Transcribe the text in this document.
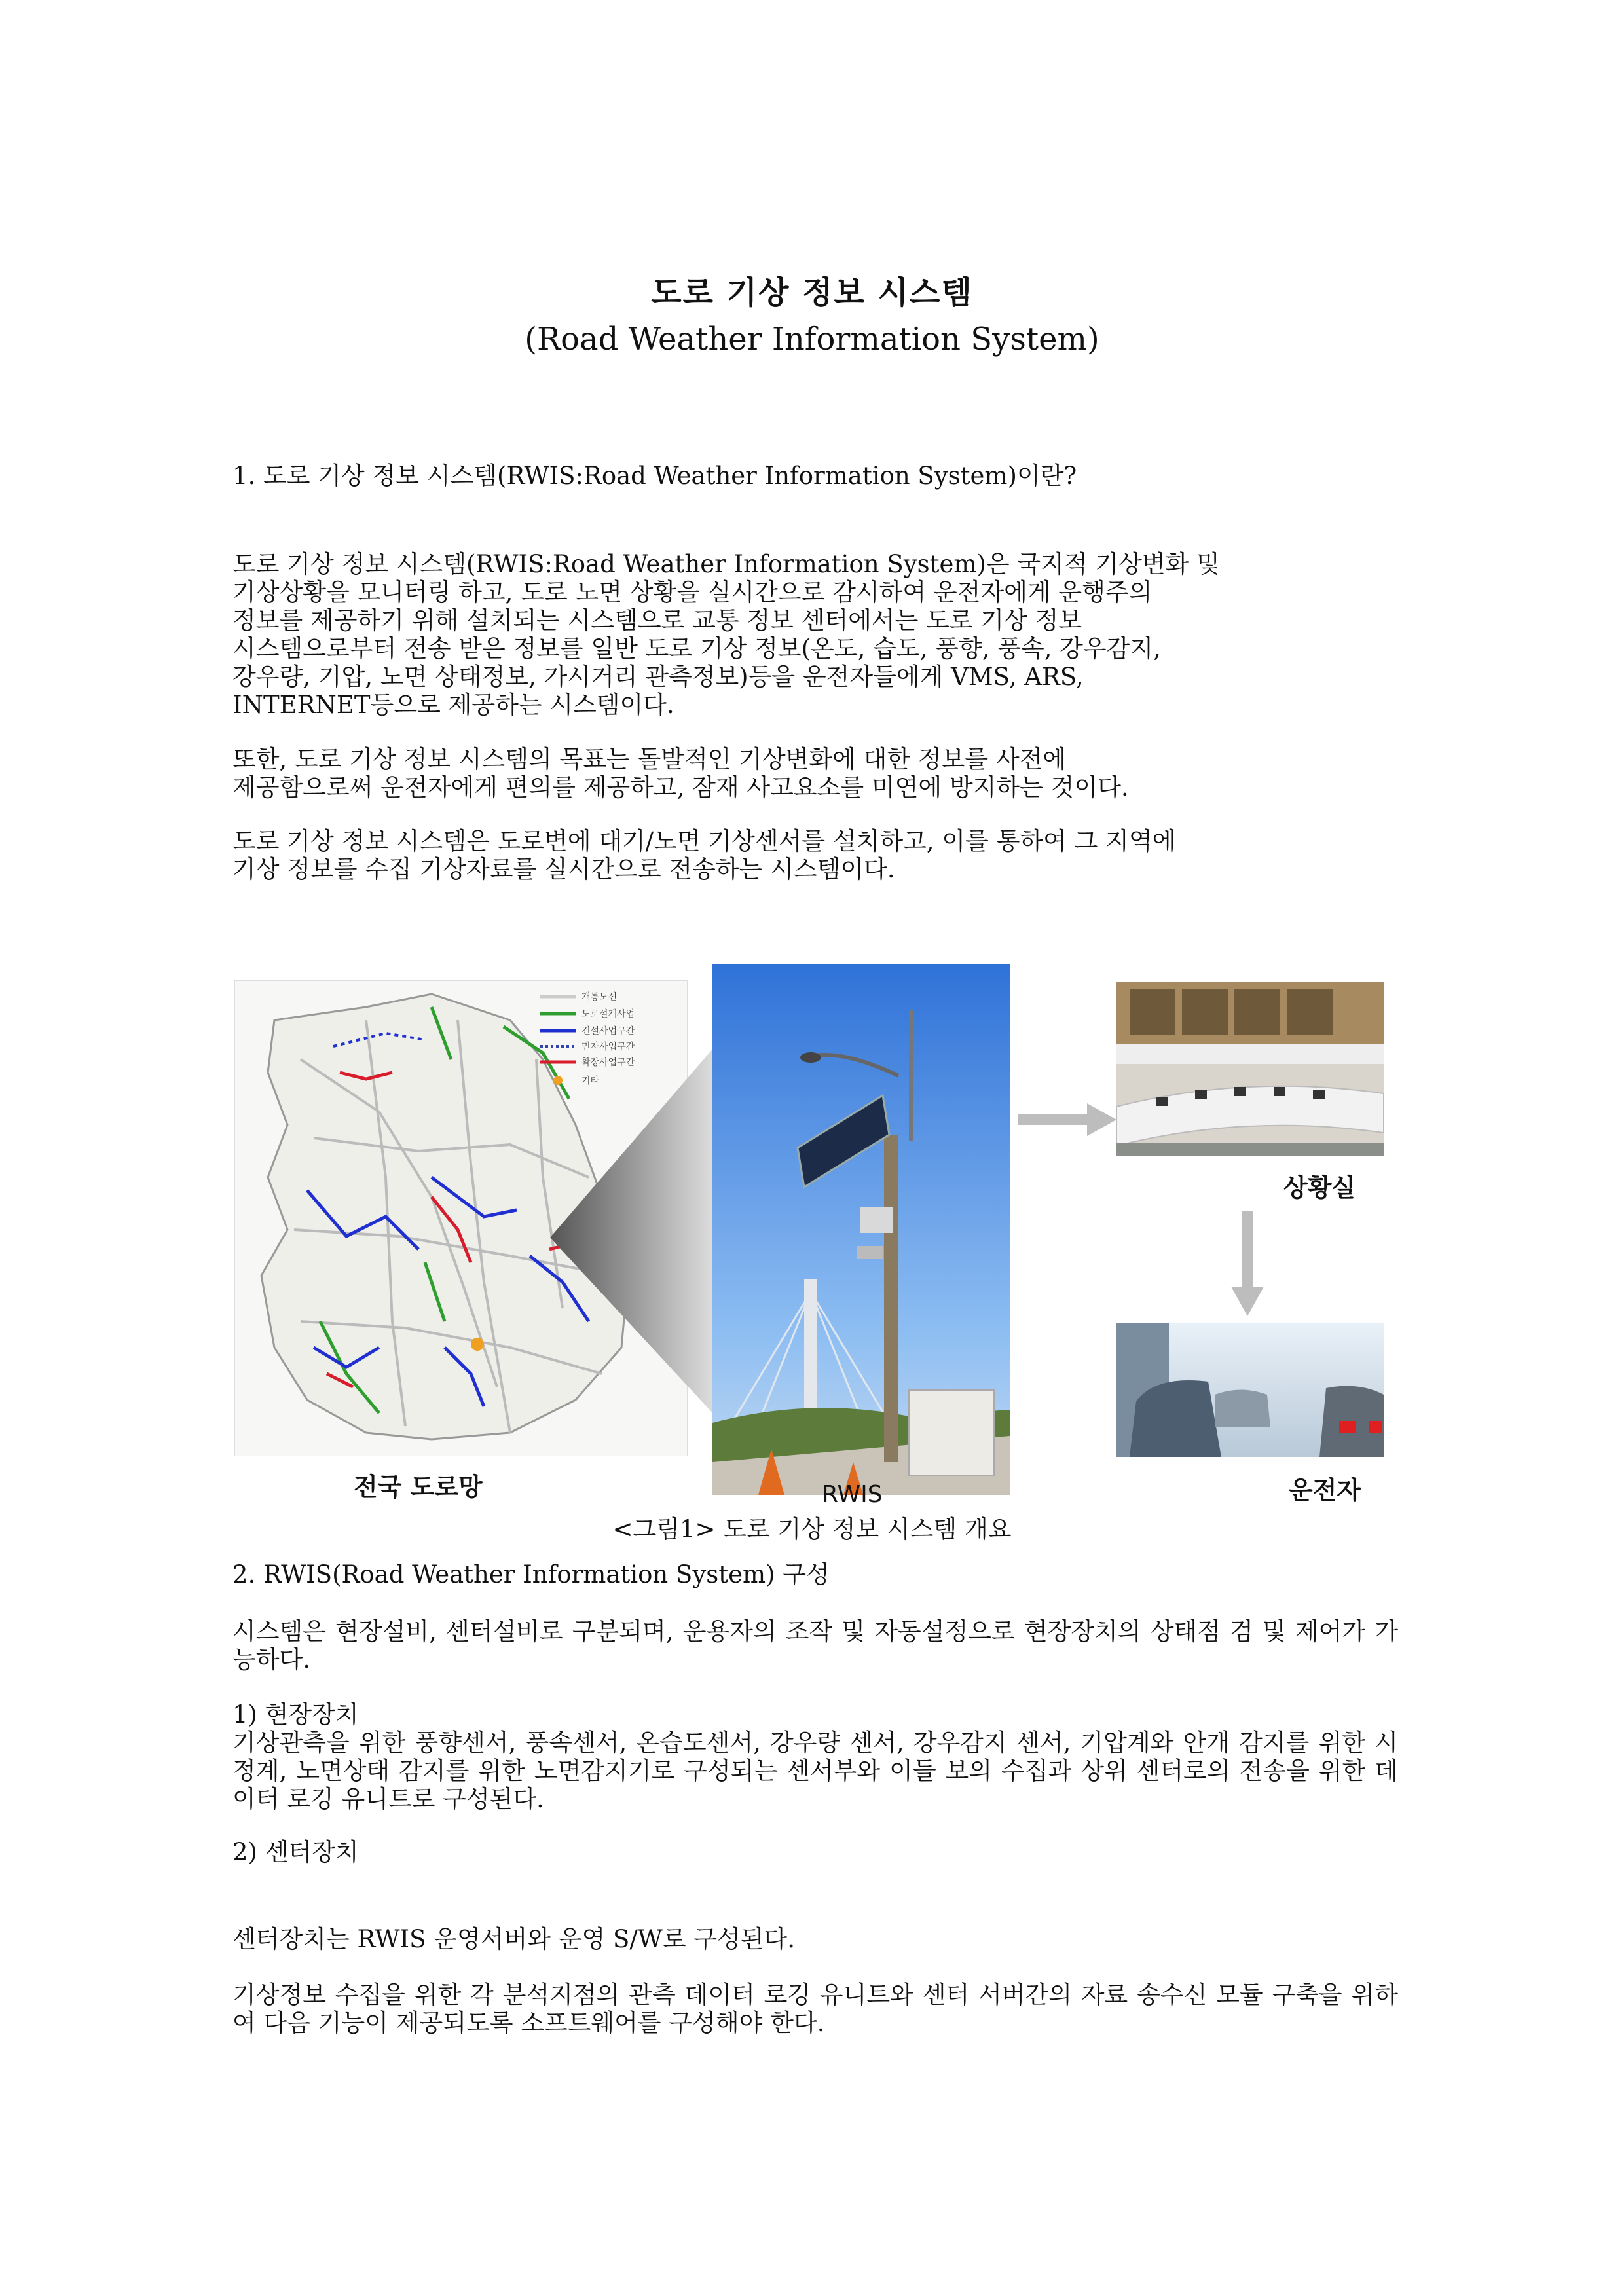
도로 기상 정보 시스템
(Road Weather Information System)
1. 도로 기상 정보 시스템(RWIS:Road Weather Information System)이란?
도로 기상 정보 시스템(RWIS:Road Weather Information System)은 국지적 기상변화 및
기상상황을 모니터링 하고, 도로 노면 상황을 실시간으로 감시하여 운전자에게 운행주의
정보를 제공하기 위해 설치되는 시스템으로 교통 정보 센터에서는 도로 기상 정보
시스템으로부터 전송 받은 정보를 일반 도로 기상 정보(온도, 습도, 풍향, 풍속, 강우감지,
강우량, 기압, 노면 상태정보, 가시거리 관측정보)등을 운전자들에게 VMS, ARS,
INTERNET등으로 제공하는 시스템이다.
또한, 도로 기상 정보 시스템의 목표는 돌발적인 기상변화에 대한 정보를 사전에
제공함으로써 운전자에게 편의를 제공하고, 잠재 사고요소를 미연에 방지하는 것이다.
도로 기상 정보 시스템은 도로변에 대기/노면 기상센서를 설치하고, 이를 통하여 그 지역에
기상 정보를 수집 기상자료를 실시간으로 전송하는 시스템이다.
개통노선
도로설계사업
건설사업구간
민자사업구간
확장사업구간
기타
전국 도로망	RWIS
상황실
운전자
<그림1> 도로 기상 정보 시스템 개요
2. RWIS(Road Weather Information System) 구성
시스템은 현장설비, 센터설비로 구분되며, 운용자의 조작 및 자동설정으로 현장장치의 상태점 검 및 제어가 가능하다.
1) 현장장치
기상관측을 위한 풍향센서, 풍속센서, 온습도센서, 강우량 센서, 강우감지 센서, 기압계와 안개 감지를 위한 시정계, 노면상태 감지를 위한 노면감지기로 구성되는 센서부와 이들 보의 수집과 상위 센터로의 전송을 위한 데이터 로깅 유니트로 구성된다.
2) 센터장치
센터장치는 RWIS 운영서버와 운영 S/W로 구성된다.
기상정보 수집을 위한 각 분석지점의 관측 데이터 로깅 유니트와 센터 서버간의 자료 송수신 모듈 구축을 위하여 다음 기능이 제공되도록 소프트웨어를 구성해야 한다.
